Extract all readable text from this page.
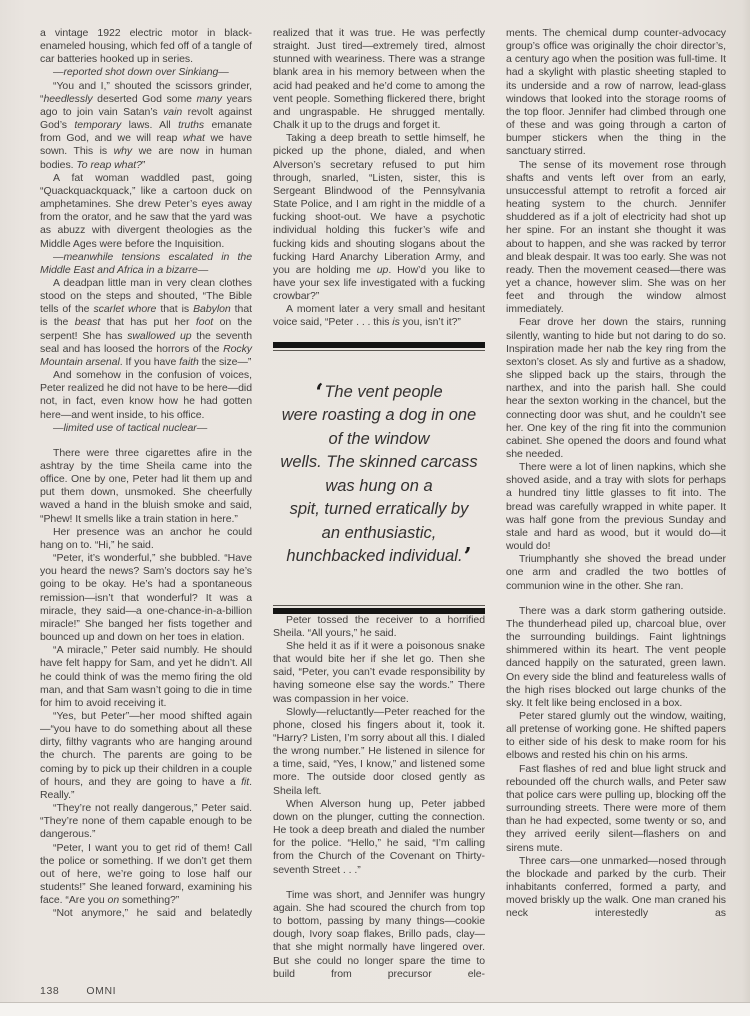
a vintage 1922 electric motor in black-enameled housing, which fed off of a tangle of car batteries hooked up in series.

—reported shot down over Sinkiang—

“You and I,” shouted the scissors grinder, “heedlessly deserted God some many years ago to join vain Satan’s vain revolt against God’s temporary laws. All truths emanate from God, and we will reap what we have sown. This is why we are now in human bodies. To reap what?”

A fat woman waddled past, going “Quackquackquack,” like a cartoon duck on amphetamines. She drew Peter’s eyes away from the orator, and he saw that the yard was as abuzz with divergent theologies as the Middle Ages were before the Inquisition.

—meanwhile tensions escalated in the Middle East and Africa in a bizarre—

A deadpan little man in very clean clothes stood on the steps and shouted, “The Bible tells of the scarlet whore that is Babylon that is the beast that has put her foot on the serpent! She has swallowed up the seventh seal and has loosed the horrors of the Rocky Mountain arsenal. If you have faith the size—”

And somehow in the confusion of voices, Peter realized he did not have to be here—did not, in fact, even know how he had gotten here—and went inside, to his office.

—limited use of tactical nuclear—

There were three cigarettes afire in the ashtray by the time Sheila came into the office. One by one, Peter had lit them up and put them down, unsmoked. She cheerfully waved a hand in the bluish smoke and said, “Phew! It smells like a train station in here.”

Her presence was an anchor he could hang on to. “Hi,” he said.

“Peter, it’s wonderful,” she bubbled. “Have you heard the news? Sam’s doctors say he’s going to be okay. He’s had a spontaneous remission—isn’t that wonderful? It was a miracle, they said—a one-chance-in-a-billion miracle!” She banged her fists together and bounced up and down on her toes in elation.

“A miracle,” Peter said numbly. He should have felt happy for Sam, and yet he didn’t. All he could think of was the memo firing the old man, and that Sam wasn’t going to die in time for him to avoid receiving it.

“Yes, but Peter”—her mood shifted again—“you have to do something about all these dirty, filthy vagrants who are hanging around the church. The parents are going to be coming by to pick up their children in a couple of hours, and they are going to have a fit. Really.”

“They’re not really dangerous,” Peter said. “They’re none of them capable enough to be dangerous.”

“Peter, I want you to get rid of them! Call the police or something. If we don’t get them out of here, we’re going to lose half our students!” She leaned forward, examining his face. “Are you on something?”

“Not anymore,” he said and belatedly

realized that it was true. He was perfectly straight. Just tired—extremely tired, almost stunned with weariness. There was a strange blank area in his memory between when the acid had peaked and he’d come to among the vent people. Something flickered there, bright and ungraspable. He shrugged mentally. Chalk it up to the drugs and forget it.

Taking a deep breath to settle himself, he picked up the phone, dialed, and when Alverson’s secretary refused to put him through, snarled, “Listen, sister, this is Sergeant Blindwood of the Pennsylvania State Police, and I am right in the middle of a fucking shoot-out. We have a psychotic individual holding this fucker’s wife and fucking kids and shouting slogans about the fucking Hard Anarchy Liberation Army, and you are holding me up. How’d you like to have your sex life investigated with a fucking crowbar?”

A moment later a very small and hesitant voice said, “Peter . . . this is you, isn’t it?”

‘The vent people
were roasting a dog in one
of the window
wells. The skinned carcass
was hung on a
spit, turned erratically by
an enthusiastic,
hunchbacked individual.’

Peter tossed the receiver to a horrified Sheila. “All yours,” he said.

She held it as if it were a poisonous snake that would bite her if she let go. Then she said, “Peter, you can’t evade responsibility by having someone else say the words.” There was compassion in her voice.

Slowly—reluctantly—Peter reached for the phone, closed his fingers about it, took it. “Harry? Listen, I’m sorry about all this. I dialed the wrong number.” He listened in silence for a time, said, “Yes, I know,” and listened some more. The outside door closed gently as Sheila left.

When Alverson hung up, Peter jabbed down on the plunger, cutting the connection. He took a deep breath and dialed the number for the police. “Hello,” he said, “I’m calling from the Church of the Covenant on Thirty-seventh Street . . .”

Time was short, and Jennifer was hungry again. She had scoured the church from top to bottom, passing by many things—cookie dough, Ivory soap flakes, Brillo pads, clay—that she might normally have lingered over. But she could no longer spare the time to build from precursor ele-

ments. The chemical dump counter-advocacy group’s office was originally the choir director’s, a century ago when the position was full-time. It had a skylight with plastic sheeting stapled to its underside and a row of narrow, lead-glass windows that looked into the storage rooms of the top floor. Jennifer had climbed through one of these and was going through a carton of bumper stickers when the thing in the sanctuary stirred.

The sense of its movement rose through shafts and vents left over from an early, unsuccessful attempt to retrofit a forced air heating system to the church. Jennifer shuddered as if a jolt of electricity had shot up her spine. For an instant she thought it was about to happen, and she was racked by terror and bleak despair. It was too early. She was not ready. Then the movement ceased—there was yet a chance, however slim. She was on her feet and through the window almost immediately.

Fear drove her down the stairs, running silently, wanting to hide but not daring to do so. Inspiration made her nab the key ring from the sexton’s closet. As sly and furtive as a shadow, she slipped back up the stairs, through the narthex, and into the parish hall. She could hear the sexton working in the chancel, but the connecting door was shut, and he couldn’t see her. One key of the ring fit into the communion cabinet. She opened the doors and found what she needed.

There were a lot of linen napkins, which she shoved aside, and a tray with slots for perhaps a hundred tiny little glasses to fit into. The bread was carefully wrapped in white paper. It was half gone from the previous Sunday and stale and hard as wood, but it would do—it would do!

Triumphantly she shoved the bread under one arm and cradled the two bottles of communion wine in the other. She ran.

There was a dark storm gathering outside. The thunderhead piled up, charcoal blue, over the surrounding buildings. Faint lightnings shimmered within its heart. The vent people danced happily on the saturated, green lawn. On every side the blind and featureless walls of the high rises blocked out large chunks of the sky. It felt like being enclosed in a box.

Peter stared glumly out the window, waiting, all pretense of working gone. He shifted papers to either side of his desk to make room for his elbows and rested his chin on his arms.

Fast flashes of red and blue light struck and rebounded off the church walls, and Peter saw that police cars were pulling up, blocking off the surrounding streets. There were more of them than he had expected, some twenty or so, and they arrived eerily silent—flashers on and sirens mute.

Three cars—one unmarked—nosed through the blockade and parked by the curb. Their inhabitants conferred, formed a party, and moved briskly up the walk. One man craned his neck interestedly as

138	OMNI
